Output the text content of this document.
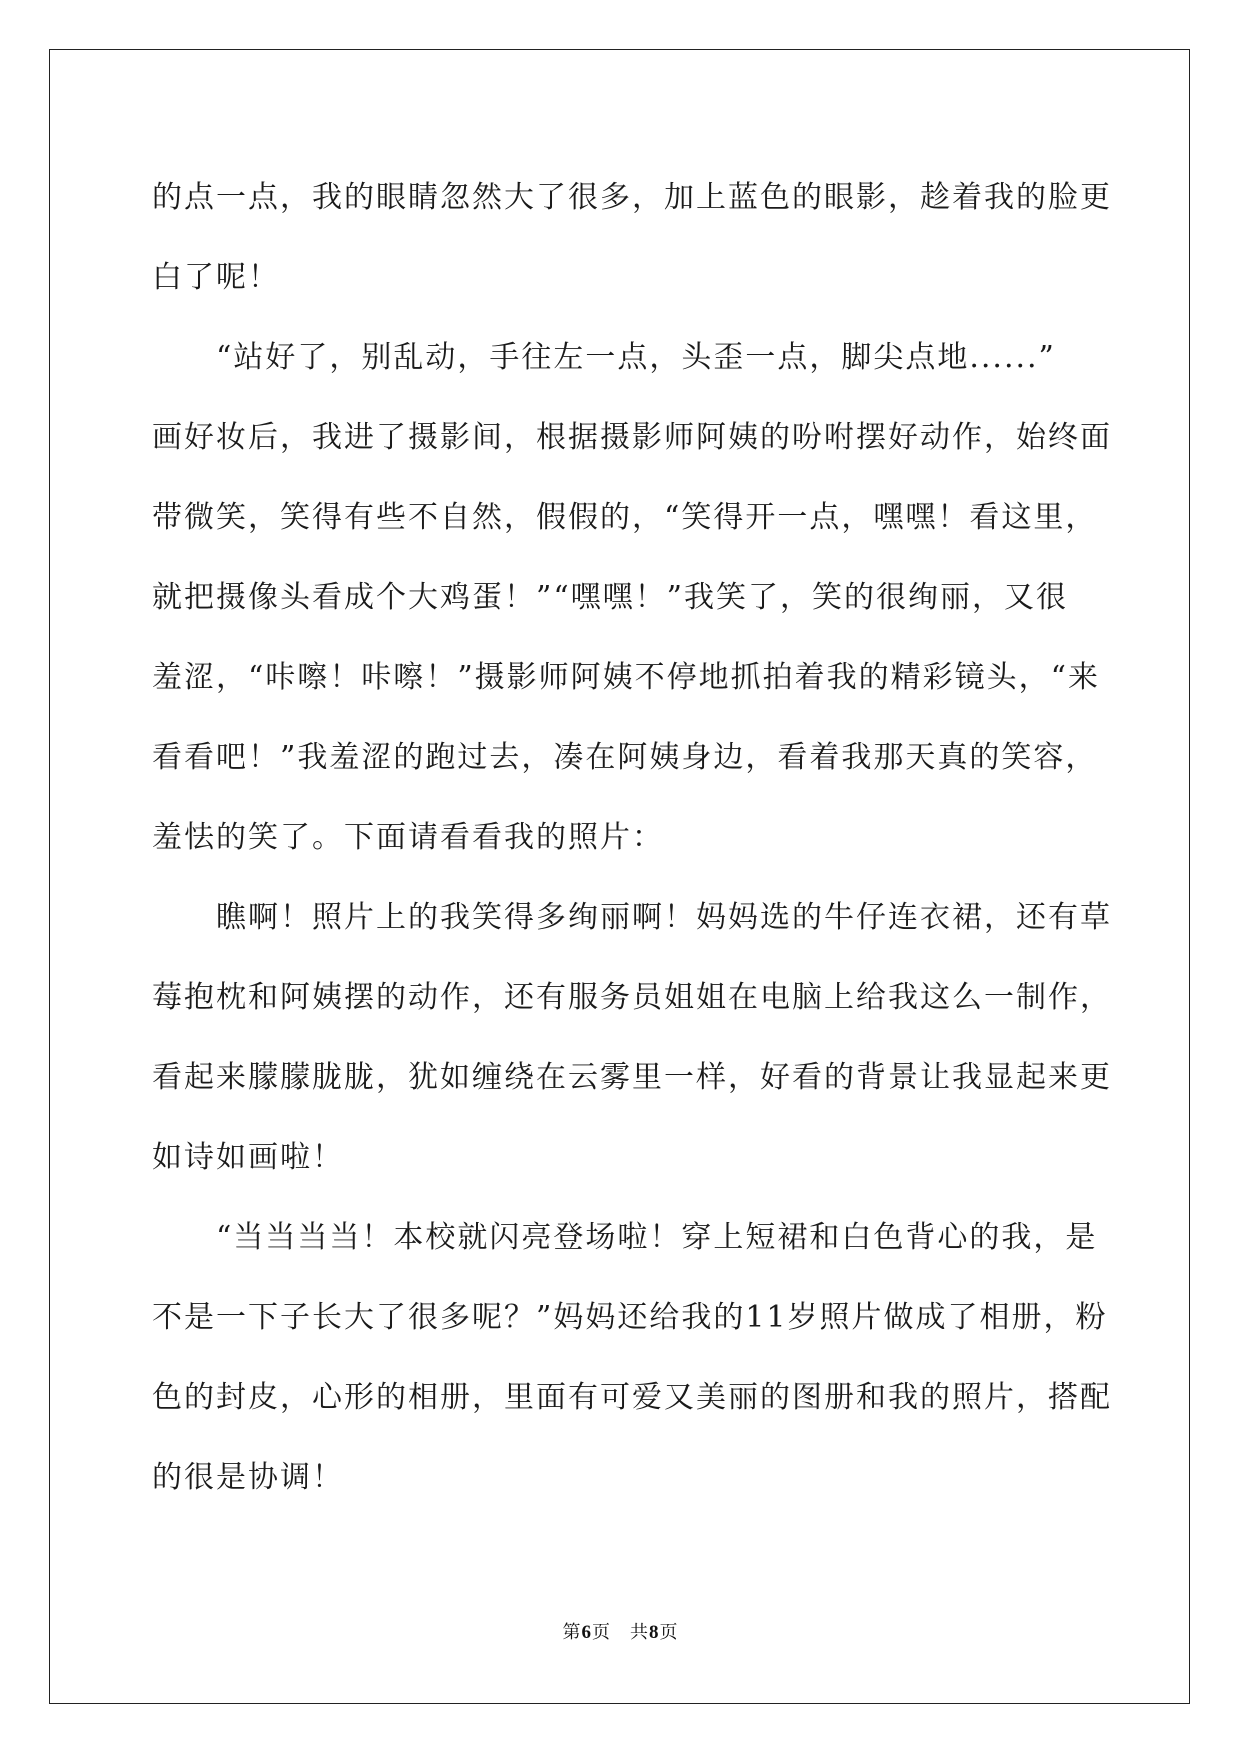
的点一点，我的眼睛忽然大了很多，加上蓝色的眼影，趁着我的脸更
白了呢！
“站好了，别乱动，手往左一点，头歪一点，脚尖点地......”
画好妆后，我进了摄影间，根据摄影师阿姨的吩咐摆好动作，始终面
带微笑，笑得有些不自然，假假的，“笑得开一点，嘿嘿！看这里，
就把摄像头看成个大鸡蛋！”“嘿嘿！”我笑了，笑的很绚丽，又很
羞涩，“咔嚓！咔嚓！”摄影师阿姨不停地抓拍着我的精彩镜头，“来
看看吧！”我羞涩的跑过去，凑在阿姨身边，看着我那天真的笑容，
羞怯的笑了。下面请看看我的照片：
瞧啊！照片上的我笑得多绚丽啊！妈妈选的牛仔连衣裙，还有草
莓抱枕和阿姨摆的动作，还有服务员姐姐在电脑上给我这么一制作，
看起来朦朦胧胧，犹如缠绕在云雾里一样，好看的背景让我显起来更
如诗如画啦！
“当当当当！本校就闪亮登场啦！穿上短裙和白色背心的我，是
不是一下子长大了很多呢？”妈妈还给我的11岁照片做成了相册，粉
色的封皮，心形的相册，里面有可爱又美丽的图册和我的照片，搭配
的很是协调！
第6页　共8页
